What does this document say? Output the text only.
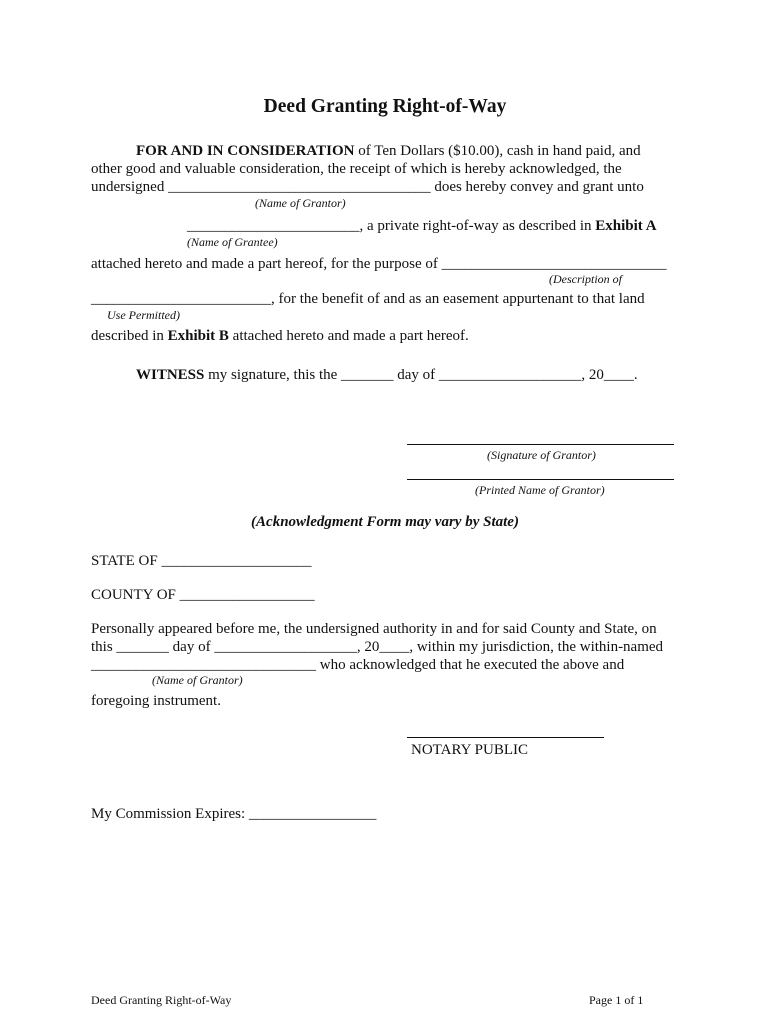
Deed Granting Right-of-Way
FOR AND IN CONSIDERATION of Ten Dollars ($10.00), cash in hand paid, and
other good and valuable consideration, the receipt of which is hereby acknowledged, the
undersigned ___________________________________ does hereby convey and grant unto
(Name of Grantor)
_______________________, a private right-of-way as described in Exhibit A
(Name of Grantee)
attached hereto and made a part hereof, for the purpose of ______________________________
(Description of
________________________, for the benefit of and as an easement appurtenant to that land
Use Permitted)
described in Exhibit B attached hereto and made a part hereof.
WITNESS my signature, this the _______ day of ___________________, 20____.
(Signature of Grantor)
(Printed Name of Grantor)
(Acknowledgment Form may vary by State)
STATE OF ____________________
COUNTY OF __________________
Personally appeared before me, the undersigned authority in and for said County and State, on
this _______ day of ___________________, 20____, within my jurisdiction, the within-named
______________________________ who acknowledged that he executed the above and
(Name of Grantor)
foregoing instrument.
NOTARY PUBLIC
My Commission Expires: _________________
Deed Granting Right-of-Way	Page 1 of 1
